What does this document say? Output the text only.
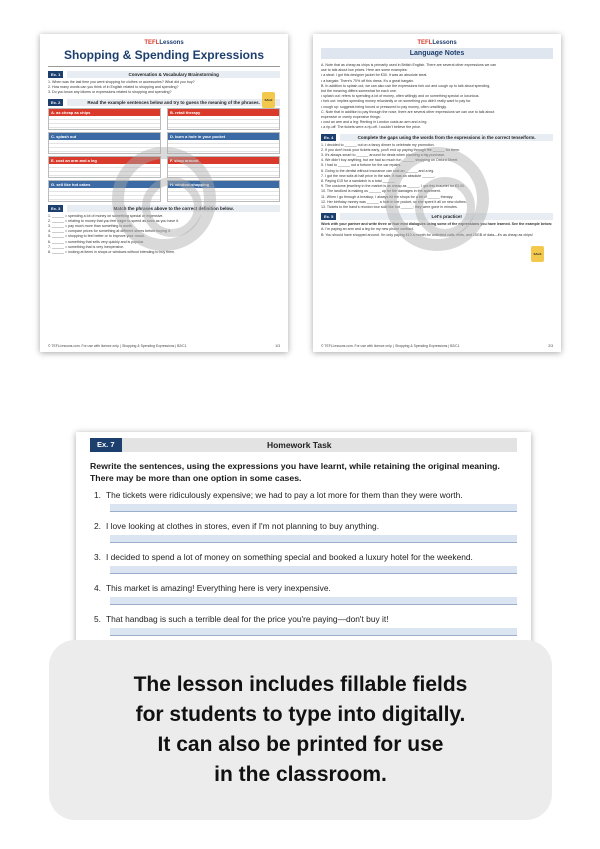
TEFLLessons
Shopping & Spending Expressions
Ex. 1	Conversation & Vocabulary Brainstorming
1. When was the last time you went shopping for clothes or accessories? What did you buy?
2. How many words can you think of in English related to shopping and spending?
3. Do you know any idioms or expressions related to shopping and spending?
Ex. 2	Read the example sentences below and try to guess the meaning of the phrases.
A. as cheap as chips	B. retail therapy
C. splash out	D. burn a hole in your pocket
E. cost an arm and a leg	F. shop around
G. sell like hot cakes	H. window-shopping
Ex. 3	Match the phrases above to the correct definition below.
1. ______ = spending a lot of money on something special or expensive.
2. ______ = relating to money that you feel eager to spend as soon as you have it.
3. ______ = pay much more than something is worth.
4. ______ = compare prices for something at different stores before buying it.
5. ______ = shopping to feel better or to improve your mood.
6. ______ = something that sells very quickly and is popular.
7. ______ = something that is very inexpensive.
8. ______ = looking at items in shops or windows without intending to buy them.
SALE
© TEFLLessons.com. For use with licence only. | Shopping & Spending Expressions | B2/C1	1/3
TEFLLessons
Language Notes
A. Note that as cheap as chips is primarily used in British English. There are several other expressions we can
use to talk about low prices. Here are some examples:
• a steal: I got this designer jacket for €30. It was an absolute steal.
• a bargain: There's 70% off this dress. It's a great bargain.
B. In addition to splash out, we can also use the expressions fork out and cough up to talk about spending,
but the meaning differs somewhat for each one.
• splash out: refers to spending a lot of money, often willingly and on something special or luxurious.
• fork out: implies spending money reluctantly or on something you didn't really want to pay for.
• cough up: suggests being forced or pressured to pay money, often unwillingly.
C. Note that in addition to pay through the nose, there are several other expressions we can use to talk about
expensive or overly expensive things:
• cost an arm and a leg: Renting in London costs an arm and a leg.
• a rip-off: The tickets were a rip-off. I couldn't believe the price.
Ex. 4	Complete the gaps using the words from the expressions in the correct tense/form.
1. I decided to ______ out on a fancy dinner to celebrate my promotion.
2. If you don't book your tickets early, you'll end up paying through the ______ for them.
3. It's always smart to ______ around for deals when planning a big purchase.
4. We didn't buy anything, but we had so much fun ______ shopping on Oxford Street.
5. I had to ______ out a fortune for the car repairs.
6. Going to the dentist without insurance can cost an ______ and a leg.
7. I got the new sofa at half price in the sale. It was an absolute ______.
8. Paying £15 for a sandwich is a total ______.
9. The costume jewellery in the market is as cheap as ______. I got this bracelet for €3.00.
10. The landlord is making us ______ up for the damages in the apartment.
11. When I go through a breakup, I always hit the shops for a bit of ______ therapy.
12. Her birthday money was ______ a hole in her pocket, so she spent it all on new clothes.
13. Tickets to the band's reunion tour sold like hot ______; they were gone in minutes.
Ex. 5	Let's practice!
Work with your partner and write three or four mini dialogues using some of the expressions you have learned. See the example below:
A: I'm paying an arm and a leg for my new phone contract.
B: You should have shopped around. I'm only paying £10 a month for unlimited calls, texts, and 10GB of data—it's as cheap as chips!
SALE
© TEFLLessons.com. For use with licence only. | Shopping & Spending Expressions | B2/C1	2/3
Ex. 7	Homework Task
Rewrite the sentences, using the expressions you have learnt, while retaining the original meaning. There may be more than one option in some cases.
1. The tickets were ridiculously expensive; we had to pay a lot more for them than they were worth.
2. I love looking at clothes in stores, even if I'm not planning to buy anything.
3. I decided to spend a lot of money on something special and booked a luxury hotel for the weekend.
4. This market is amazing! Everything here is very inexpensive.
5. That handbag is such a terrible deal for the price you're paying—don't buy it!

The lesson includes fillable fields
for students to type into digitally.
It can also be printed for use
in the classroom.
